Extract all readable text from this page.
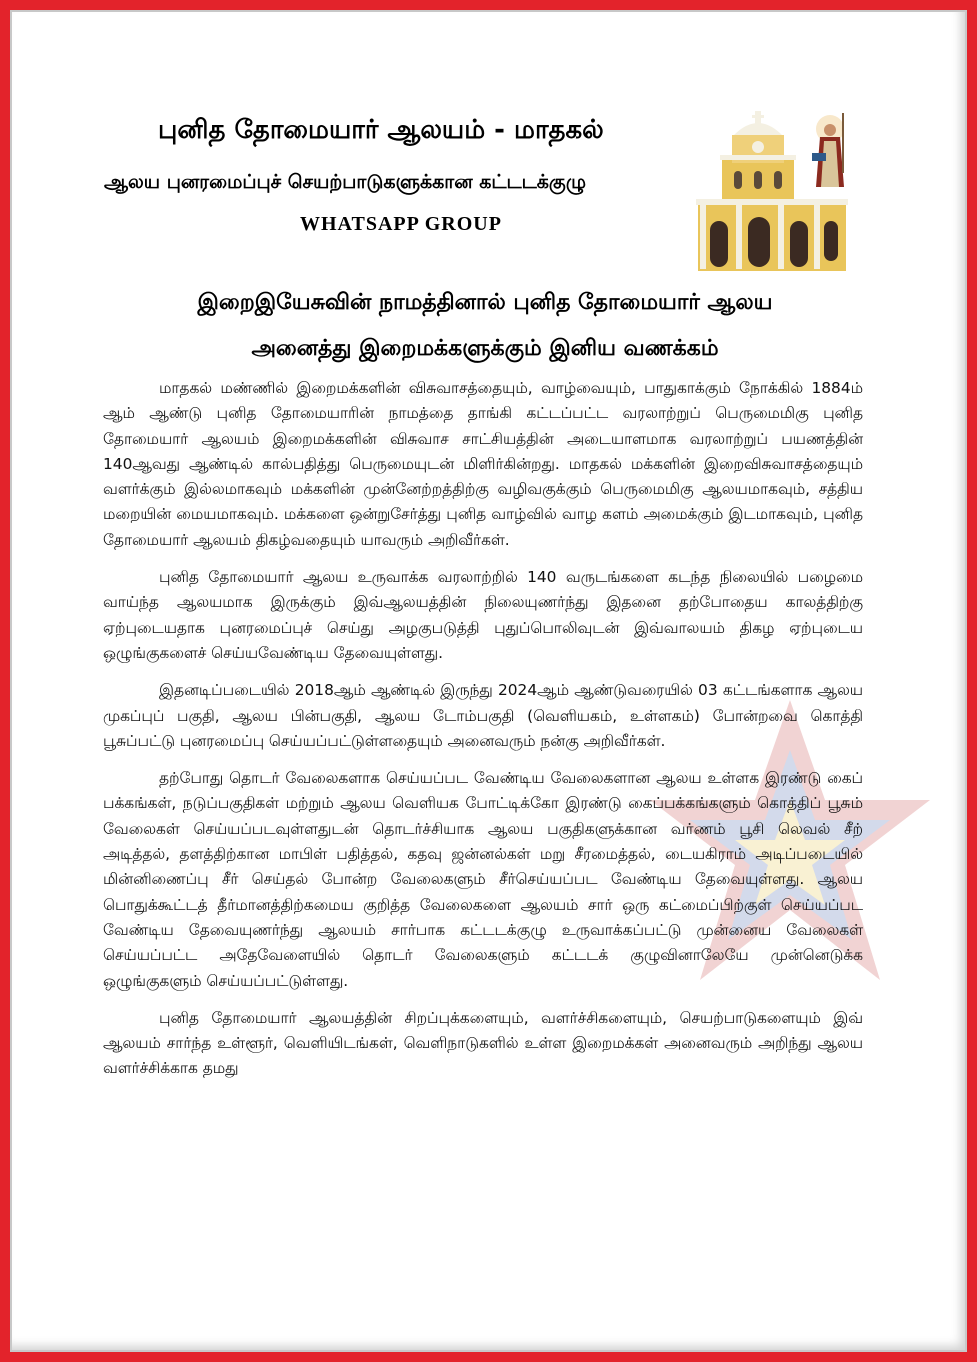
புனித தோமையார் ஆலயம் - மாதகல்
ஆலய புனரமைப்புச் செயற்பாடுகளுக்கான கட்டடக்குழு
WHATSAPP GROUP
இறைஇயேசுவின் நாமத்தினால் புனித தோமையார் ஆலய
அனைத்து இறைமக்களுக்கும் இனிய வணக்கம்

மாதகல் மண்ணில் இறைமக்களின் விசுவாசத்தையும், வாழ்வையும், பாதுகாக்கும் நோக்கில் 1884ம் ஆம் ஆண்டு புனித தோமையாரின் நாமத்தை தாங்கி கட்டப்பட்ட வரலாற்றுப் பெருமைமிகு புனித தோமையார் ஆலயம் இறைமக்களின் விசுவாச சாட்சியத்தின் அடையாளமாக வரலாற்றுப் பயணத்தின் 140ஆவது ஆண்டில் கால்பதித்து பெருமையுடன் மிளிர்கின்றது. மாதகல் மக்களின் இறைவிசுவாசத்தையும் வளர்க்கும் இல்லமாகவும் மக்களின் முன்னேற்றத்திற்கு வழிவகுக்கும் பெருமைமிகு ஆலயமாகவும், சத்திய மறையின் மையமாகவும். மக்களை ஒன்றுசேர்த்து புனித வாழ்வில் வாழ களம் அமைக்கும் இடமாகவும், புனித தோமையார் ஆலயம் திகழ்வதையும் யாவரும் அறிவீர்கள்.

புனித தோமையார் ஆலய உருவாக்க வரலாற்றில் 140 வருடங்களை கடந்த நிலையில் பழைமை வாய்ந்த ஆலயமாக இருக்கும் இவ்ஆலயத்தின் நிலையுணர்ந்து இதனை தற்போதைய காலத்திற்கு ஏற்புடையதாக புனரமைப்புச் செய்து அழகுபடுத்தி புதுப்பொலிவுடன் இவ்வாலயம் திகழ ஏற்புடைய ஒழுங்குகளைச் செய்யவேண்டிய தேவையுள்ளது.

இதனடிப்படையில் 2018ஆம் ஆண்டில் இருந்து 2024ஆம் ஆண்டுவரையில் 03 கட்டங்களாக ஆலய முகப்புப் பகுதி, ஆலய பின்பகுதி, ஆலய டோம்பகுதி (வெளியகம், உள்ளகம்) போன்றவை கொத்தி பூசுப்பட்டு புனரமைப்பு செய்யப்பட்டுள்ளதையும் அனைவரும் நன்கு அறிவீர்கள்.

தற்போது தொடர் வேலைகளாக செய்யப்பட வேண்டிய வேலைகளான ஆலய உள்ளக இரண்டு கைப் பக்கங்கள், நடுப்பகுதிகள் மற்றும் ஆலய வெளியக போட்டிக்கோ இரண்டு கைப்பக்கங்களும் கொத்திப் பூசும் வேலைகள் செய்யப்படவுள்ளதுடன் தொடர்ச்சியாக ஆலய பகுதிகளுக்கான வர்ணம் பூசி லெவல் சீற் அடித்தல், தளத்திற்கான மாபிள் பதித்தல், கதவு ஜன்னல்கள் மறு சீரமைத்தல், டையகிராம் அடிப்படையில் மின்னிணைப்பு சீர் செய்தல் போன்ற வேலைகளும் சீர்செய்யப்பட வேண்டிய தேவையுள்ளது. ஆலய பொதுக்கூட்டத் தீர்மானத்திற்கமைய குறித்த வேலைகளை ஆலயம் சார் ஒரு கட்மைப்பிற்குள் செய்யப்பட வேண்டிய தேவையுணர்ந்து ஆலயம் சார்பாக கட்டடக்குழு உருவாக்கப்பட்டு முன்னைய வேலைகள் செய்யப்பட்ட அதேவேளையில் தொடர் வேலைகளும் கட்டடக் குழுவினாலேயே முன்னெடுக்க ஒழுங்குகளும் செய்யப்பட்டுள்ளது.

புனித தோமையார் ஆலயத்தின் சிறப்புக்களையும், வளர்ச்சிகளையும், செயற்பாடுகளையும் இவ் ஆலயம் சார்ந்த உள்ளூர், வெளியிடங்கள், வெளிநாடுகளில் உள்ள இறைமக்கள் அனைவரும் அறிந்து ஆலய வளர்ச்சிக்காக தமது
